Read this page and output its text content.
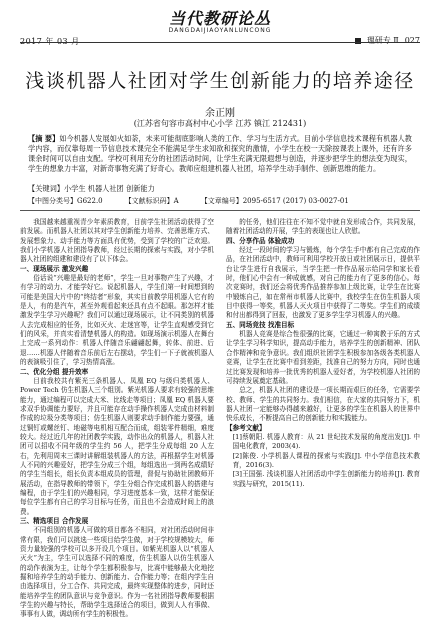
2017 年 03 月
当代教研论丛
DANGDAIJIAOYANLUNCONG
理研专 Ⅱ 027
浅谈机器人社团对学生创新能力的培养途径
余正刚
(江苏省句容市高村中心小学 江苏 镇江 212431)
【摘 要】如今机器人发展如火如荼，未来可能彻底影响人类的工作、学习与生活方式。目前小学信息技术课程有机器人教学内容，而仅靠每周一节信息技术课完全不能满足学生求知欲和探究的激情，小学生在校一天除按课表上课外，还有许多课余时间可以自由支配。学校可利用充分的社团活动时间，让学生充满无限遐想与创造，并逐步把学生的想法变为现实，学生的想象力丰富，对新奇事物充满了好奇心。教师应组建机器人社团，培养学生动手制作、创新思维的能力。
【关键词】小学生 机器人社团 创新能力
【中图分类号】G622.0	【文献标识码】A	【文章编号】2095-6517 (2017) 03-0027-01

我国越来越重视青少年素质教育，目前学生社团活动获得了空前发展。而机器人社团以其对学生创新能力培养、完善思维方式、发展想象力、动手能力等方面具有优势，受到了学校的广泛欢迎。我们小学机器人社团指导教师，经过长期的探索与实践，对小学机器人社团的组建和建设有了以下体会。

一、现场展示 激发兴趣

俗话说“兴趣是最好的老师”，学生一旦对事物产生了兴趣，才有学习的动力、才能学好它。说起机器人，学生们第一时间想到的可能是美国大片中的“终结者”形象，其实目前教学用机器人它有的是人，有的是汽车，甚至外观看起来还具有点不起眼。那怎样才能激发学生学习兴趣呢？我们可以通过现场展示，让不同类别的机器人去完成相应的任务，比如灭火、走迷宫等，让学生直观感受到它们的风采，并真实看清楚机器人的构造。如现场演示机器人在舞台上完成一系列动作：机器人伴随音乐翩翩起舞，转体、前进、后退……机器人伴随着音乐前后左右摆动，学生们一下子就被机器人的表演吸引住了，学习热情高涨。

二、优化分组 提升效率

目前我校共有紫光三条机器人、凤凰 EQ 与级归类机器人、Power Tech 仿生机器人三个组别。紫光机器人要求有较强的思维能力，通过编程可以完成大米、比线走等项目；凤凰 EQ 机器人要求双手协调能力要好，并且可能存在动手操作机器人完成由材料制作成的垃圾分类等项目；仿生机器人则要求动手制作能力要强，通过铜钉或螺丝钉、地磁等电机相互配合而成，组装零件精细，难度较大。经过近几年的社团教学实践，动作出众的机器人，机器人社团可以招收不同年级的学生约 56 人，把学生分成每组 20 人左右，先利用周末三课时讲解组装机器人的方法，再根据学生对机器人不同的兴趣爱好，把学生分成三个组，每组选出一到两名成绩好的学生当组长，组长负责本组成员的管理，督促与协助社团教师开展活动，在指导教师的带领下，学生分组合作完成机器人的搭建与编程，由于学生们的兴趣相同，学习进度基本一致，这样才能保证每位学生都有自己的学习目标与任务，而且也不会造成时间上的浪费。

三、精选项目 合作发展

不同组别的机器人可做的项目都各不相同，对社团活动时间非常有限，我们可以挑选一些项目给学生做，对于学校规模较大，师资力量较强的学校可以多开设几个项目。如紫光机器人以“机器人灭火”为主，学生可以选择不同的难度，仿生机器人以仿生机器人的动作表演为主，让每个学生都积极参与，比赛中能够最大化地挖掘和培养学生的动手能力、创新能力、合作能力等；在组内学生自由选择项目，分工合作、共同完成，最终实现整体的进步，同时还能培养学生的团队意识与竞争意识。作为一名社团指导教师要根据学生的兴趣与特长，帮助学生选择适合的项目，做到人人有事做、事事有人做，调动所有学生的积极性。

的任务，他们往往在不知不觉中就自发形成合作，共同发展，随着社团活动的开展，学生的表现也让人欣慰。

四、分享作品 体验成功

经过一段时间的学习与锻炼，每个学生手中都有自己完成的作品，在社团活动中，教师可利用学校开放日或社团展示日，提供平台让学生进行自我展示，当学生把一件作品展示给同学和家长看时，他们心中会有一种成就感，对自己的能力有了更多的信心。每次竞赛时，我们还会将优秀作品推荐参加上级比赛，让学生在比赛中锻炼自己，如在常州市机器人比赛中，我校学生在仿生机器人项目中获得一等奖，机器人灭火项目中获得了二等奖。学生们的成绩和付出都得到了回报，也激发了更多学生学习机器人的兴趣。

五、同场竞技 找准目标

机器人竞赛是综合性很强的比赛，它通过一种寓教于乐的方式让学生学习科学知识，提高动手能力，培养学生的创新精神、团队合作精神和竞争意识。我们组织社团学生积极参加各级各类机器人竞赛，让学生在比赛中看到差距，找准自己的努力方向，同时也通过比赛发现和培养一批优秀的机器人爱好者，为学校机器人社团的可持续发展奠定基础。

总之，机器人社团的建设是一项长期而艰巨的任务，它需要学校、教师、学生的共同努力。我们相信，在大家的共同努力下，机器人社团一定能够办得越来越好，让更多的学生在机器人的世界中快乐成长，不断提高自己的创新能力和实践能力。

【参考文献】

[1]蔡朝阳. 机器人教育：从 21 世纪技术发展的角度出发[J]. 中国电化教育，2003(4).

[2]陈俊. 小学机器人课程的探索与实践[J]. 中小学信息技术教育，2016(3).

[3]王国强. 浅谈机器人社团活动中学生创新能力的培养[J]. 教育实践与研究，2015(11).
